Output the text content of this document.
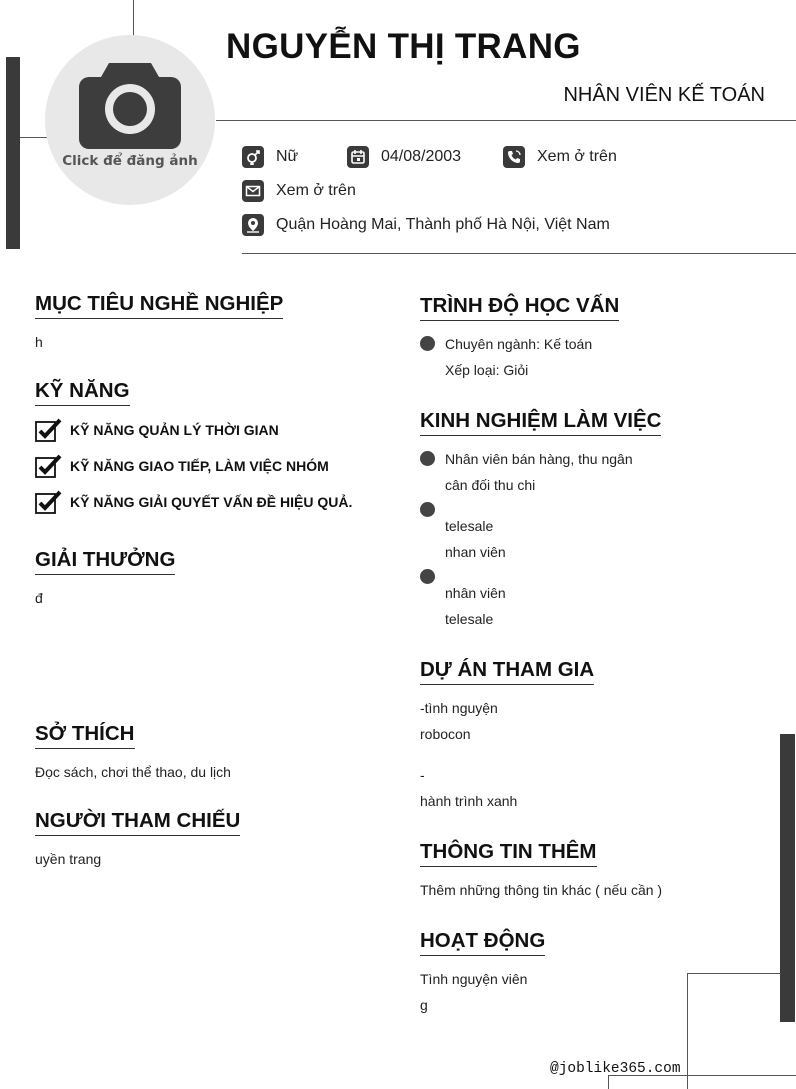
Click để đăng ảnh
NGUYỄN THỊ TRANG
NHÂN VIÊN KẾ TOÁN
Nữ	04/08/2003	Xem ở trên
Xem ở trên
Quận Hoàng Mai, Thành phố Hà Nội, Việt Nam
MỤC TIÊU NGHỀ NGHIỆP
h
KỸ NĂNG
KỸ NĂNG QUẢN LÝ THỜI GIAN
KỸ NĂNG GIAO TIẾP, LÀM VIỆC NHÓM
KỸ NĂNG GIẢI QUYẾT VẤN ĐỀ HIỆU QUẢ.
GIẢI THƯỞNG
đ
SỞ THÍCH
Đọc sách, chơi thể thao, du lịch
NGƯỜI THAM CHIẾU
uyền trang
TRÌNH ĐỘ HỌC VẤN
Chuyên ngành: Kế toán
Xếp loại: Giỏi
KINH NGHIỆM LÀM VIỆC
Nhân viên bán hàng, thu ngân
cân đối thu chi
telesale
nhan viên
nhân viên
telesale
DỰ ÁN THAM GIA
-tình nguyện
robocon
-
hành trình xanh
THÔNG TIN THÊM
Thêm những thông tin khác ( nếu cần )
HOẠT ĐỘNG
Tình nguyện viên
g
@joblike365.com
